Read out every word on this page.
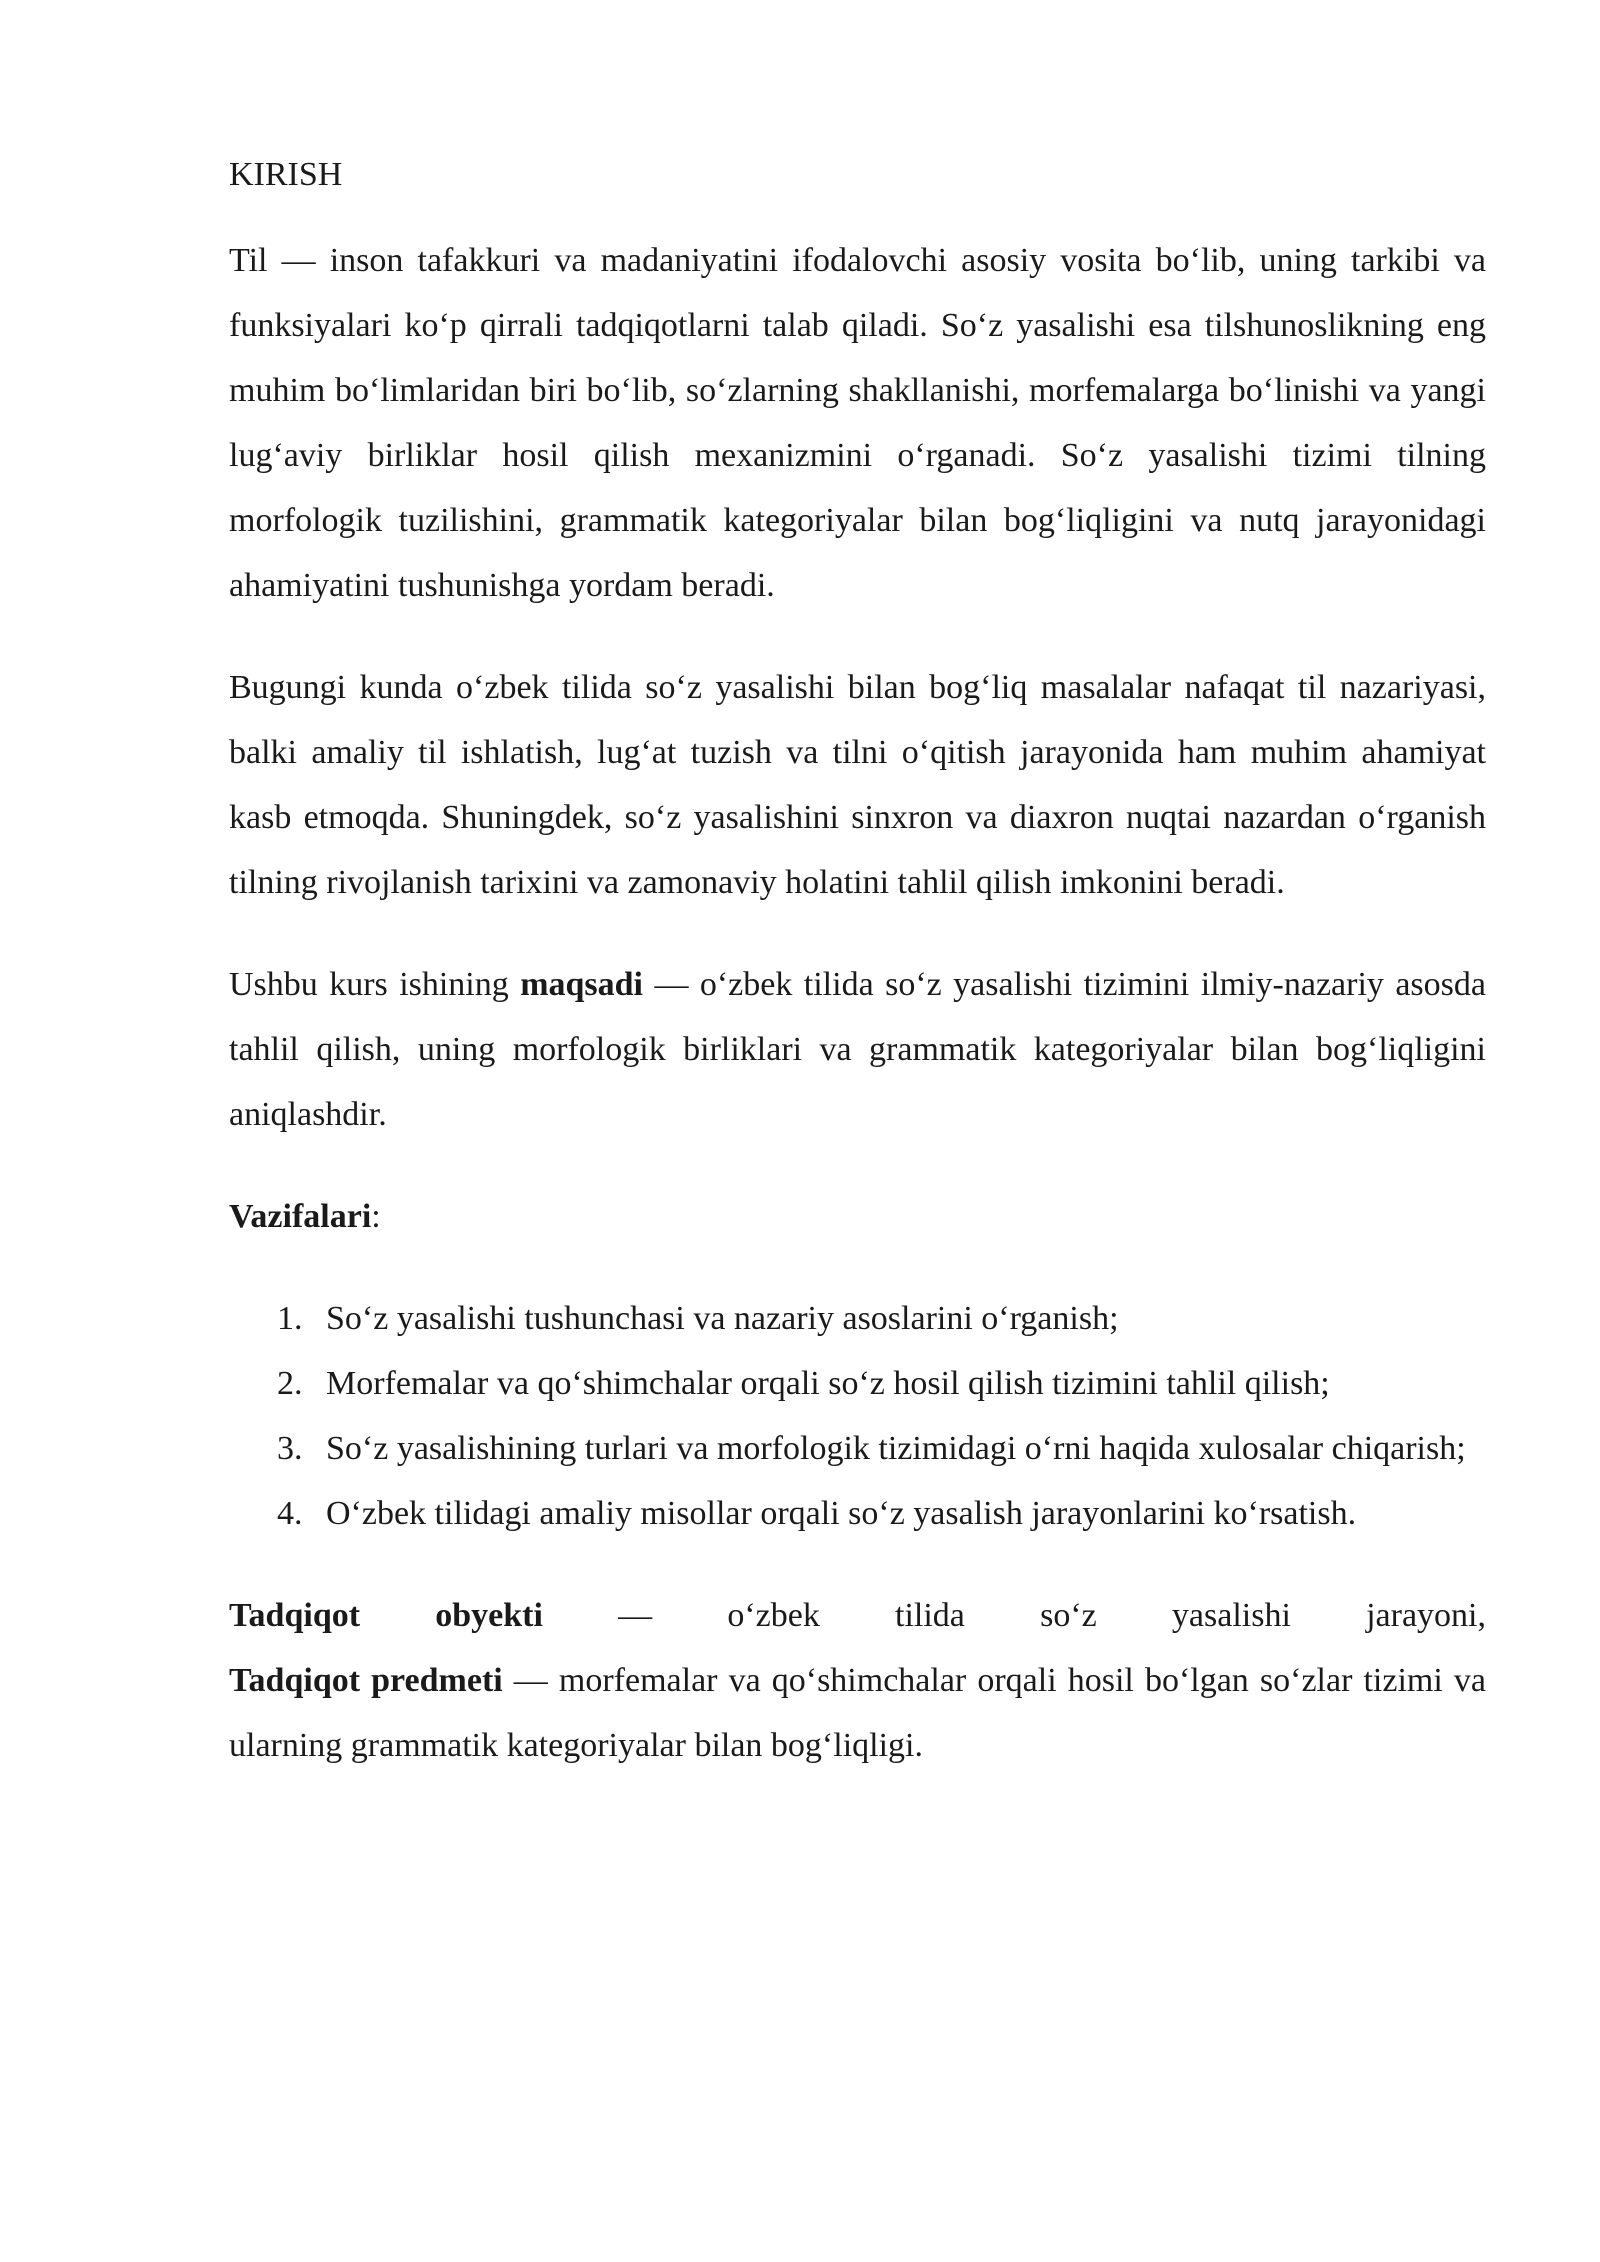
KIRISH

Til — inson tafakkuri va madaniyatini ifodalovchi asosiy vosita bo‘lib, uning tarkibi va funksiyalari ko‘p qirrali tadqiqotlarni talab qiladi. So‘z yasalishi esa tilshunoslikning eng muhim bo‘limlaridan biri bo‘lib, so‘zlarning shakllanishi, morfemalarga bo‘linishi va yangi lug‘aviy birliklar hosil qilish mexanizmini o‘rganadi. So‘z yasalishi tizimi tilning morfologik tuzilishini, grammatik kategoriyalar bilan bog‘liqligini va nutq jarayonidagi ahamiyatini tushunishga yordam beradi.

Bugungi kunda o‘zbek tilida so‘z yasalishi bilan bog‘liq masalalar nafaqat til nazariyasi, balki amaliy til ishlatish, lug‘at tuzish va tilni o‘qitish jarayonida ham muhim ahamiyat kasb etmoqda. Shuningdek, so‘z yasalishini sinxron va diaxron nuqtai nazardan o‘rganish tilning rivojlanish tarixini va zamonaviy holatini tahlil qilish imkonini beradi.

Ushbu kurs ishining maqsadi — o‘zbek tilida so‘z yasalishi tizimini ilmiy-nazariy asosda tahlil qilish, uning morfologik birliklari va grammatik kategoriyalar bilan bog‘liqligini aniqlashdir.

Vazifalari:

1. So‘z yasalishi tushunchasi va nazariy asoslarini o‘rganish;
2. Morfemalar va qo‘shimchalar orqali so‘z hosil qilish tizimini tahlil qilish;
3. So‘z yasalishining turlari va morfologik tizimidagi o‘rni haqida xulosalar chiqarish;
4. O‘zbek tilidagi amaliy misollar orqali so‘z yasalish jarayonlarini ko‘rsatish.

Tadqiqot obyekti — o‘zbek tilida so‘z yasalishi jarayoni,
Tadqiqot predmeti — morfemalar va qo‘shimchalar orqali hosil bo‘lgan so‘zlar tizimi va ularning grammatik kategoriyalar bilan bog‘liqligi.
